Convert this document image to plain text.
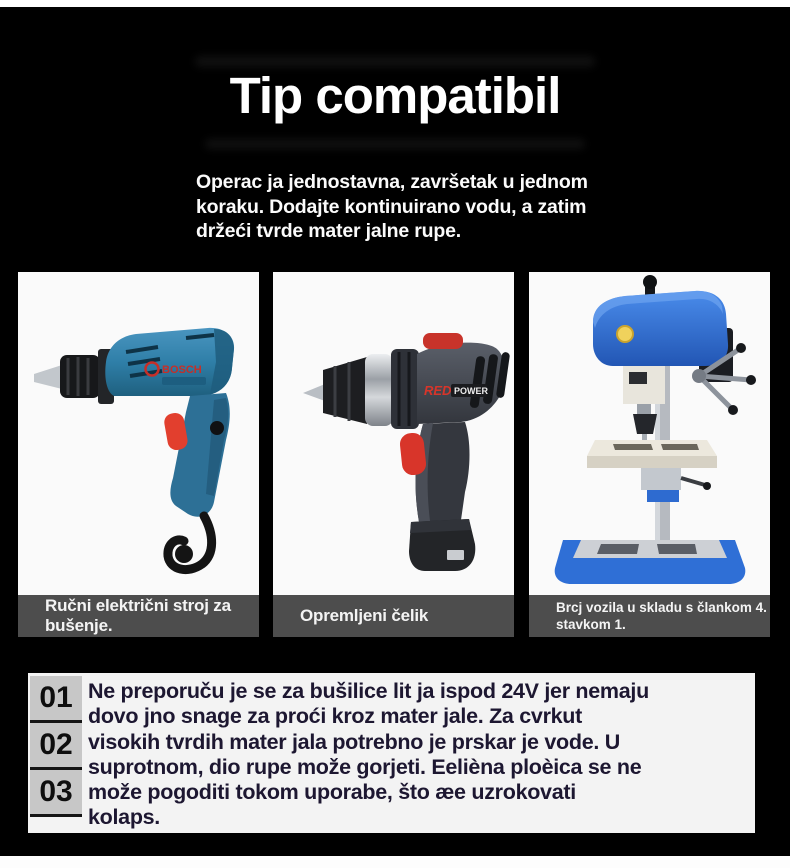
Tip compatibil
Operac ja jednostavna, završetak u jednom
koraku. Dodajte kontinuirano vodu, a zatim
držeći tvrde mater jalne rupe.
BOSCH
Ručni električni stroj za
bušenje.
RED POWER
Opremljeni čelik	Brcj vozila u skladu s člankom 4.
stavkom 1.
01
02
03
Ne preporuču je se za bušilice lit ja ispod 24V jer nemaju
dovo jno snage za proći kroz mater jale. Za cvrkut
visokih tvrdih mater jala potrebno je prskar je vode. U
suprotnom, dio rupe može gorjeti. Eelièna ploèica se ne
može pogoditi tokom uporabe, što æe uzrokovati
kolaps.
